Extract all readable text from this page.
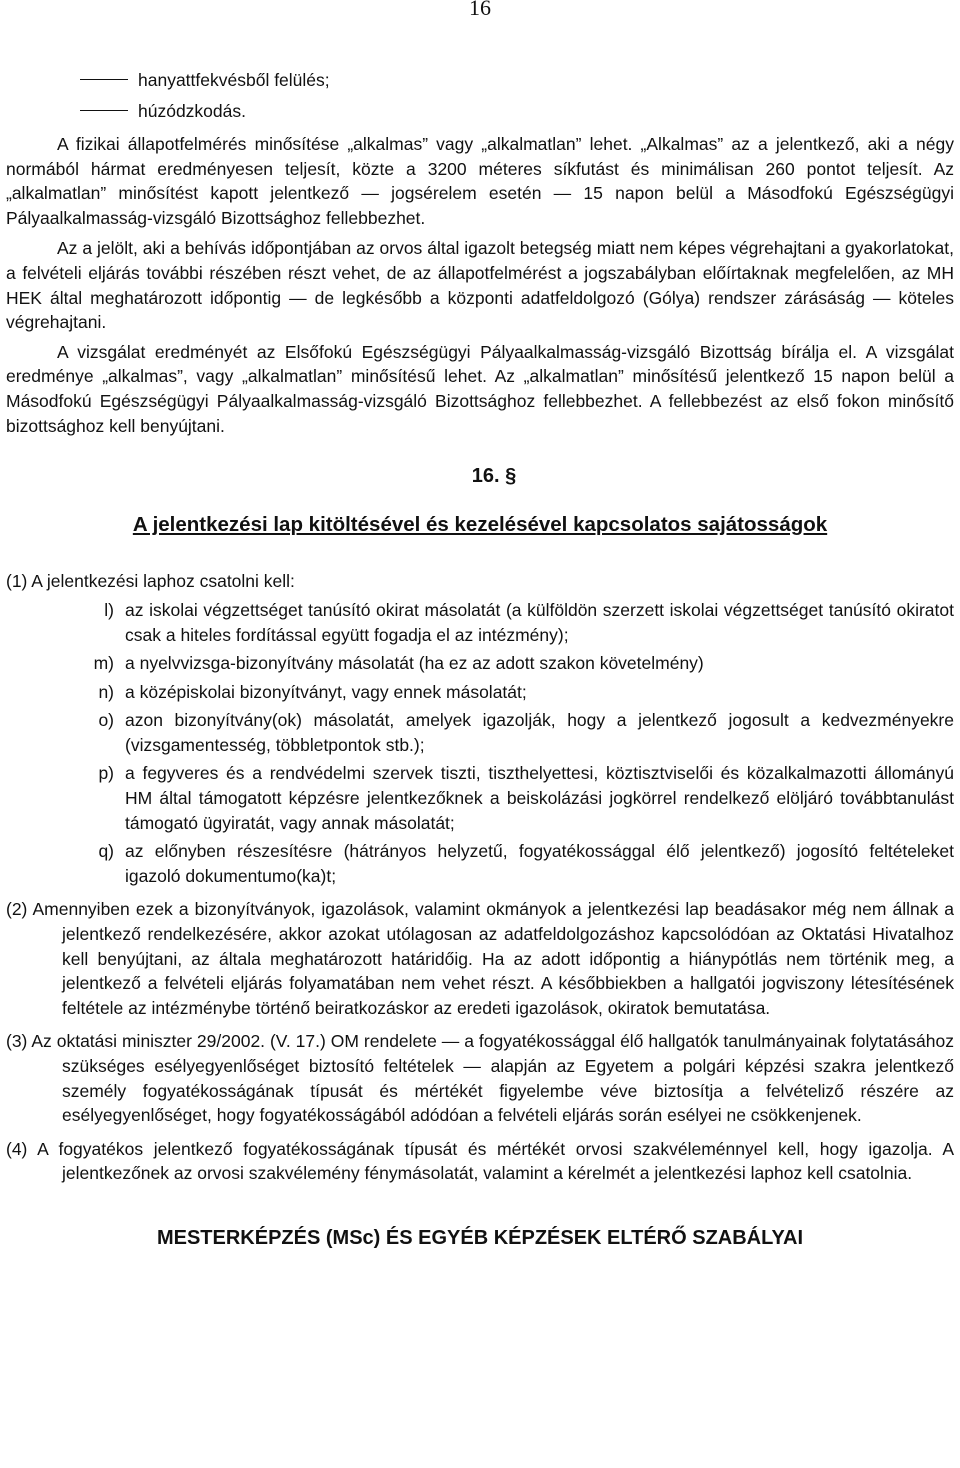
16
hanyattfekvésből felülés;
húzódzkodás.

A fizikai állapotfelmérés minősítése „alkalmas” vagy „alkalmatlan” lehet. „Alkalmas” az a jelentkező, aki a négy normából hármat eredményesen teljesít, közte a 3200 méteres síkfutást és minimálisan 260 pontot teljesít. Az „alkalmatlan” minősítést kapott jelentkező ― jogsérelem esetén ― 15 napon belül a Másodfokú Egészségügyi Pályaalkalmasság-vizsgáló Bizottsághoz fellebbezhet.

Az a jelölt, aki a behívás időpontjában az orvos által igazolt betegség miatt nem képes végrehajtani a gyakorlatokat, a felvételi eljárás további részében részt vehet, de az állapotfelmérést a jogszabályban előírtaknak megfelelően, az MH HEK által meghatározott időpontig ― de legkésőbb a központi adatfeldolgozó (Gólya) rendszer zárásáság ― köteles végrehajtani.

A vizsgálat eredményét az Elsőfokú Egészségügyi Pályaalkalmasság-vizsgáló Bizottság bírálja el. A vizsgálat eredménye „alkalmas”, vagy „alkalmatlan” minősítésű lehet. Az „alkalmatlan” minősítésű jelentkező 15 napon belül a Másodfokú Egészségügyi Pályaalkalmasság-vizsgáló Bizottsághoz fellebbezhet. A fellebbezést az első fokon minősítő bizottsághoz kell benyújtani.

16. §
A jelentkezési lap kitöltésével és kezelésével kapcsolatos sajátosságok
(1) A jelentkezési laphoz csatolni kell:
l) az iskolai végzettséget tanúsító okirat másolatát (a külföldön szerzett iskolai végzettséget tanúsító okiratot csak a hiteles fordítással együtt fogadja el az intézmény);
m) a nyelvvizsga-bizonyítvány másolatát (ha ez az adott szakon követelmény)
n) a középiskolai bizonyítványt, vagy ennek másolatát;
o) azon bizonyítvány(ok) másolatát, amelyek igazolják, hogy a jelentkező jogosult a kedvezményekre (vizsgamentesség, többletpontok stb.);
p) a fegyveres és a rendvédelmi szervek tiszti, tiszthelyettesi, köztisztviselői és közalkalmazotti állományú HM által támogatott képzésre jelentkezőknek a beiskolázási jogkörrel rendelkező elöljáró továbbtanulást támogató ügyiratát, vagy annak másolatát;
q) az előnyben részesítésre (hátrányos helyzetű, fogyatékossággal élő jelentkező) jogosító feltételeket igazoló dokumentumo(ka)t;
(2) Amennyiben ezek a bizonyítványok, igazolások, valamint okmányok a jelentkezési lap beadásakor még nem állnak a jelentkező rendelkezésére, akkor azokat utólagosan az adatfeldolgozáshoz kapcsolódóan az Oktatási Hivatalhoz kell benyújtani, az általa meghatározott határidőig. Ha az adott időpontig a hiánypótlás nem történik meg, a jelentkező a felvételi eljárás folyamatában nem vehet részt. A későbbiekben a hallgatói jogviszony létesítésének feltétele az intézménybe történő beiratkozáskor az eredeti igazolások, okiratok bemutatása.
(3) Az oktatási miniszter 29/2002. (V. 17.) OM rendelete ― a fogyatékossággal élő hallgatók tanulmányainak folytatásához szükséges esélyegyenlőséget biztosító feltételek ― alapján az Egyetem a polgári képzési szakra jelentkező személy fogyatékosságának típusát és mértékét figyelembe véve biztosítja a felvételiző részére az esélyegyenlőséget, hogy fogyatékosságából adódóan a felvételi eljárás során esélyei ne csökkenjenek.
(4) A fogyatékos jelentkező fogyatékosságának típusát és mértékét orvosi szakvéleménnyel kell, hogy igazolja. A jelentkezőnek az orvosi szakvélemény fénymásolatát, valamint a kérelmét a jelentkezési laphoz kell csatolnia.
MESTERKÉPZÉS (MSc) ÉS EGYÉB KÉPZÉSEK ELTÉRŐ SZABÁLYAI
